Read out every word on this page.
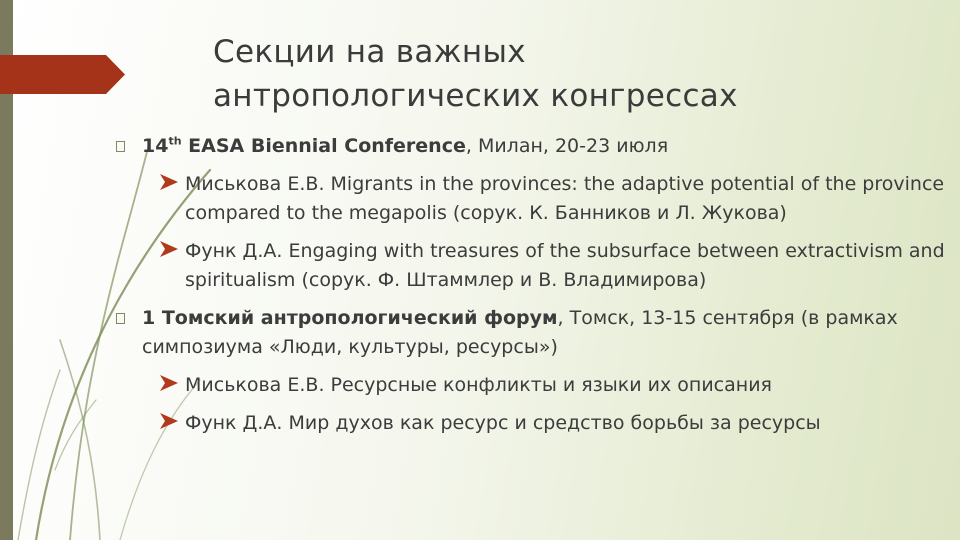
Секции на важных
антропологических конгрессах
14th EASA Biennial Conference, Милан, 20-23 июля
Миськова Е.В. Migrants in the provinces: the adaptive potential of the province compared to the megapolis (соpук. К. Банников и Л. Жукова)
Функ Д.А. Engaging with treasures of the subsurface between extractivism and spiritualism (соpук. Ф. Штаммлер и В. Владимирова)
1 Томский антропологический форум, Томск, 13-15 сентября (в рамках симпозиума «Люди, культуры, ресурсы»)
Миськова Е.В. Ресурсные конфликты и языки их описания
Функ Д.А. Мир духов как ресурс и средство борьбы за ресурсы
